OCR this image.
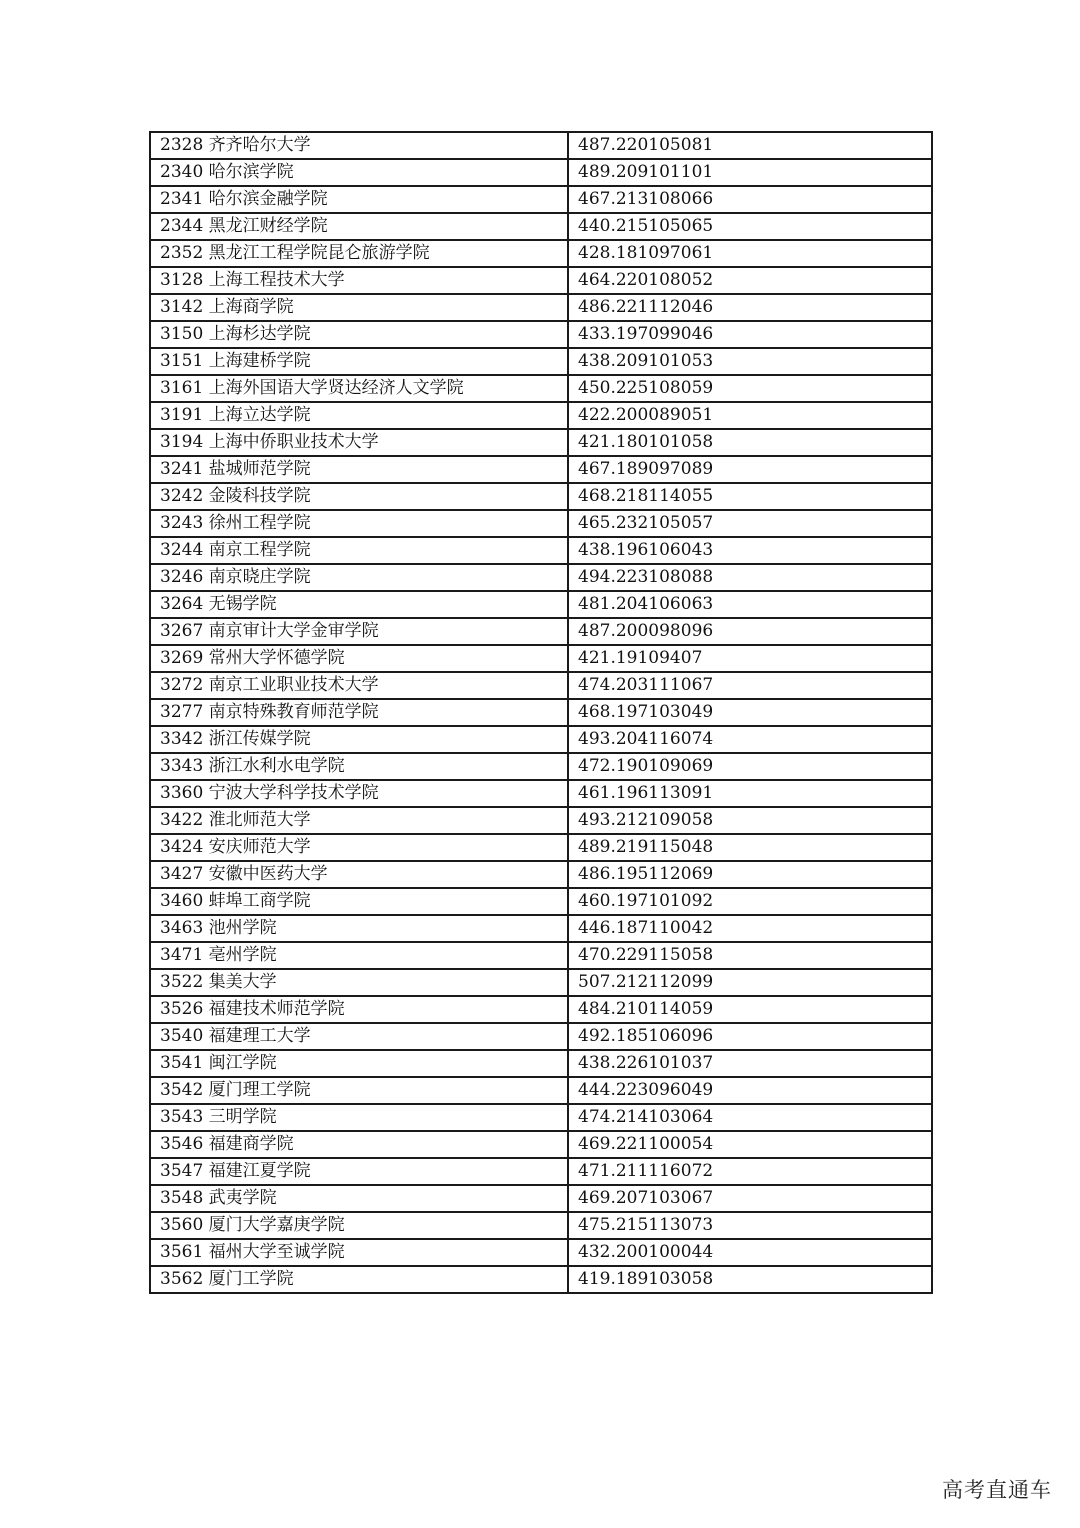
2328 齐齐哈尔大学	487.220105081
2340 哈尔滨学院	489.209101101
2341 哈尔滨金融学院	467.213108066
2344 黑龙江财经学院	440.215105065
2352 黑龙江工程学院昆仑旅游学院	428.181097061
3128 上海工程技术大学	464.220108052
3142 上海商学院	486.221112046
3150 上海杉达学院	433.197099046
3151 上海建桥学院	438.209101053
3161 上海外国语大学贤达经济人文学院	450.225108059
3191 上海立达学院	422.200089051
3194 上海中侨职业技术大学	421.180101058
3241 盐城师范学院	467.189097089
3242 金陵科技学院	468.218114055
3243 徐州工程学院	465.232105057
3244 南京工程学院	438.196106043
3246 南京晓庄学院	494.223108088
3264 无锡学院	481.204106063
3267 南京审计大学金审学院	487.200098096
3269 常州大学怀德学院	421.19109407
3272 南京工业职业技术大学	474.203111067
3277 南京特殊教育师范学院	468.197103049
3342 浙江传媒学院	493.204116074
3343 浙江水利水电学院	472.190109069
3360 宁波大学科学技术学院	461.196113091
3422 淮北师范大学	493.212109058
3424 安庆师范大学	489.219115048
3427 安徽中医药大学	486.195112069
3460 蚌埠工商学院	460.197101092
3463 池州学院	446.187110042
3471 亳州学院	470.229115058
3522 集美大学	507.212112099
3526 福建技术师范学院	484.210114059
3540 福建理工大学	492.185106096
3541 闽江学院	438.226101037
3542 厦门理工学院	444.223096049
3543 三明学院	474.214103064
3546 福建商学院	469.221100054
3547 福建江夏学院	471.211116072
3548 武夷学院	469.207103067
3560 厦门大学嘉庚学院	475.215113073
3561 福州大学至诚学院	432.200100044
3562 厦门工学院	419.189103058
高考直通车
